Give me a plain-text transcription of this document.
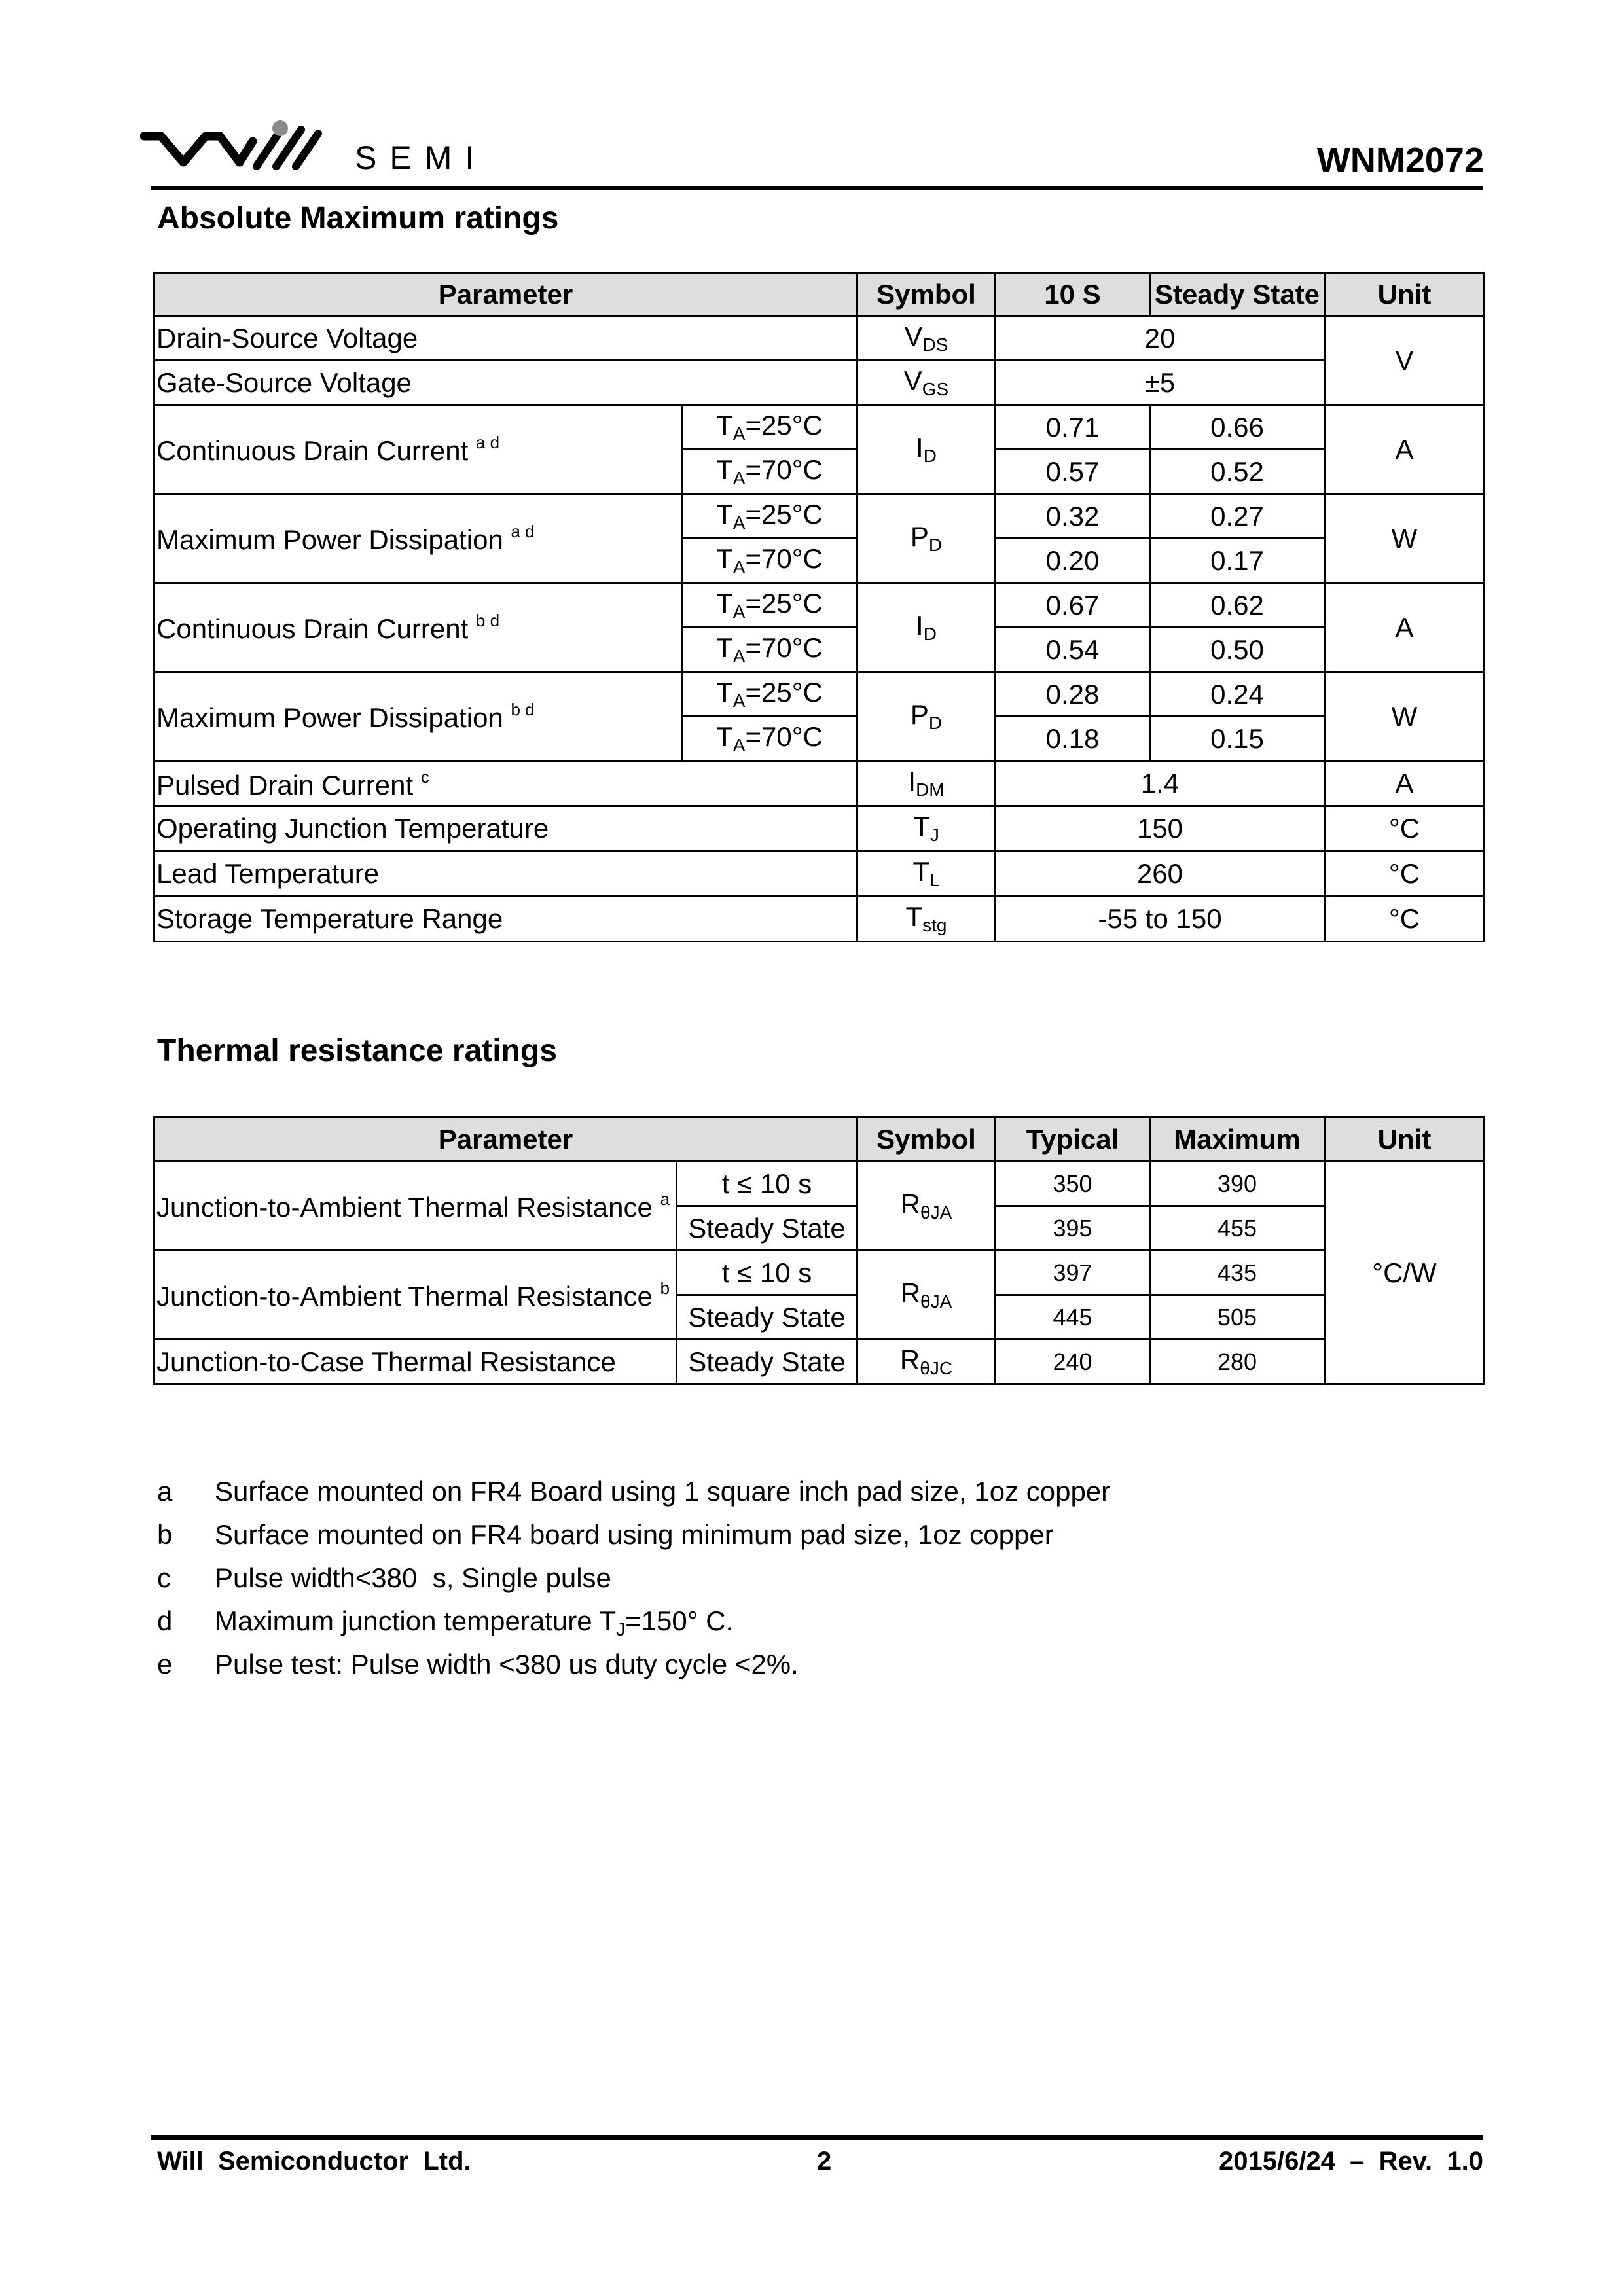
SEMI	WNM2072
Absolute Maximum ratings
Parameter		Symbol	10 S	Steady State	Unit
Drain-Source Voltage		$V_{DS}$	20		V
Gate-Source Voltage		$V_{GS}$	±5		
Continuous Drain Current $^{a d}$	$T_A=25^\circ C$	$I_D$	0.71	0.66	A
	$T_A=70^\circ C$		0.57	0.52	
Maximum Power Dissipation $^{a d}$	$T_A=25^\circ C$	$P_D$	0.32	0.27	W
	$T_A=70^\circ C$		0.20	0.17	
Continuous Drain Current $^{b d}$	$T_A=25^\circ C$	$I_D$	0.67	0.62	A
	$T_A=70^\circ C$		0.54	0.50	
Maximum Power Dissipation $^{b d}$	$T_A=25^\circ C$	$P_D$	0.28	0.24	W
	$T_A=70^\circ C$		0.18	0.15	
Pulsed Drain Current $^c$		$I_{DM}$	1.4		A
Operating Junction Temperature		$T_J$	150		°C
Lead Temperature		$T_L$	260		°C
Storage Temperature Range		$T_{stg}$	-55 to 150		°C
Thermal resistance ratings
Parameter		Symbol	Typical	Maximum	Unit
Junction-to-Ambient Thermal Resistance $^a$	t ≤ 10 s	$R_{\theta JA}$	350	390	°C/W
	Steady State		395	455	
Junction-to-Ambient Thermal Resistance $^b$	t ≤ 10 s	$R_{\theta JA}$	397	435	
	Steady State		445	505	
Junction-to-Case Thermal Resistance	Steady State	$R_{\theta JC}$	240	280	
a	Surface mounted on FR4 Board using 1 square inch pad size, 1oz copper
b	Surface mounted on FR4 board using minimum pad size, 1oz copper
c	Pulse width<380  s, Single pulse
d	Maximum junction temperature $T_J=150^\circ$ C.
e	Pulse test: Pulse width <380 us duty cycle <2%.
Will  Semiconductor  Ltd.	2	2015/6/24  –  Rev.  1.0
